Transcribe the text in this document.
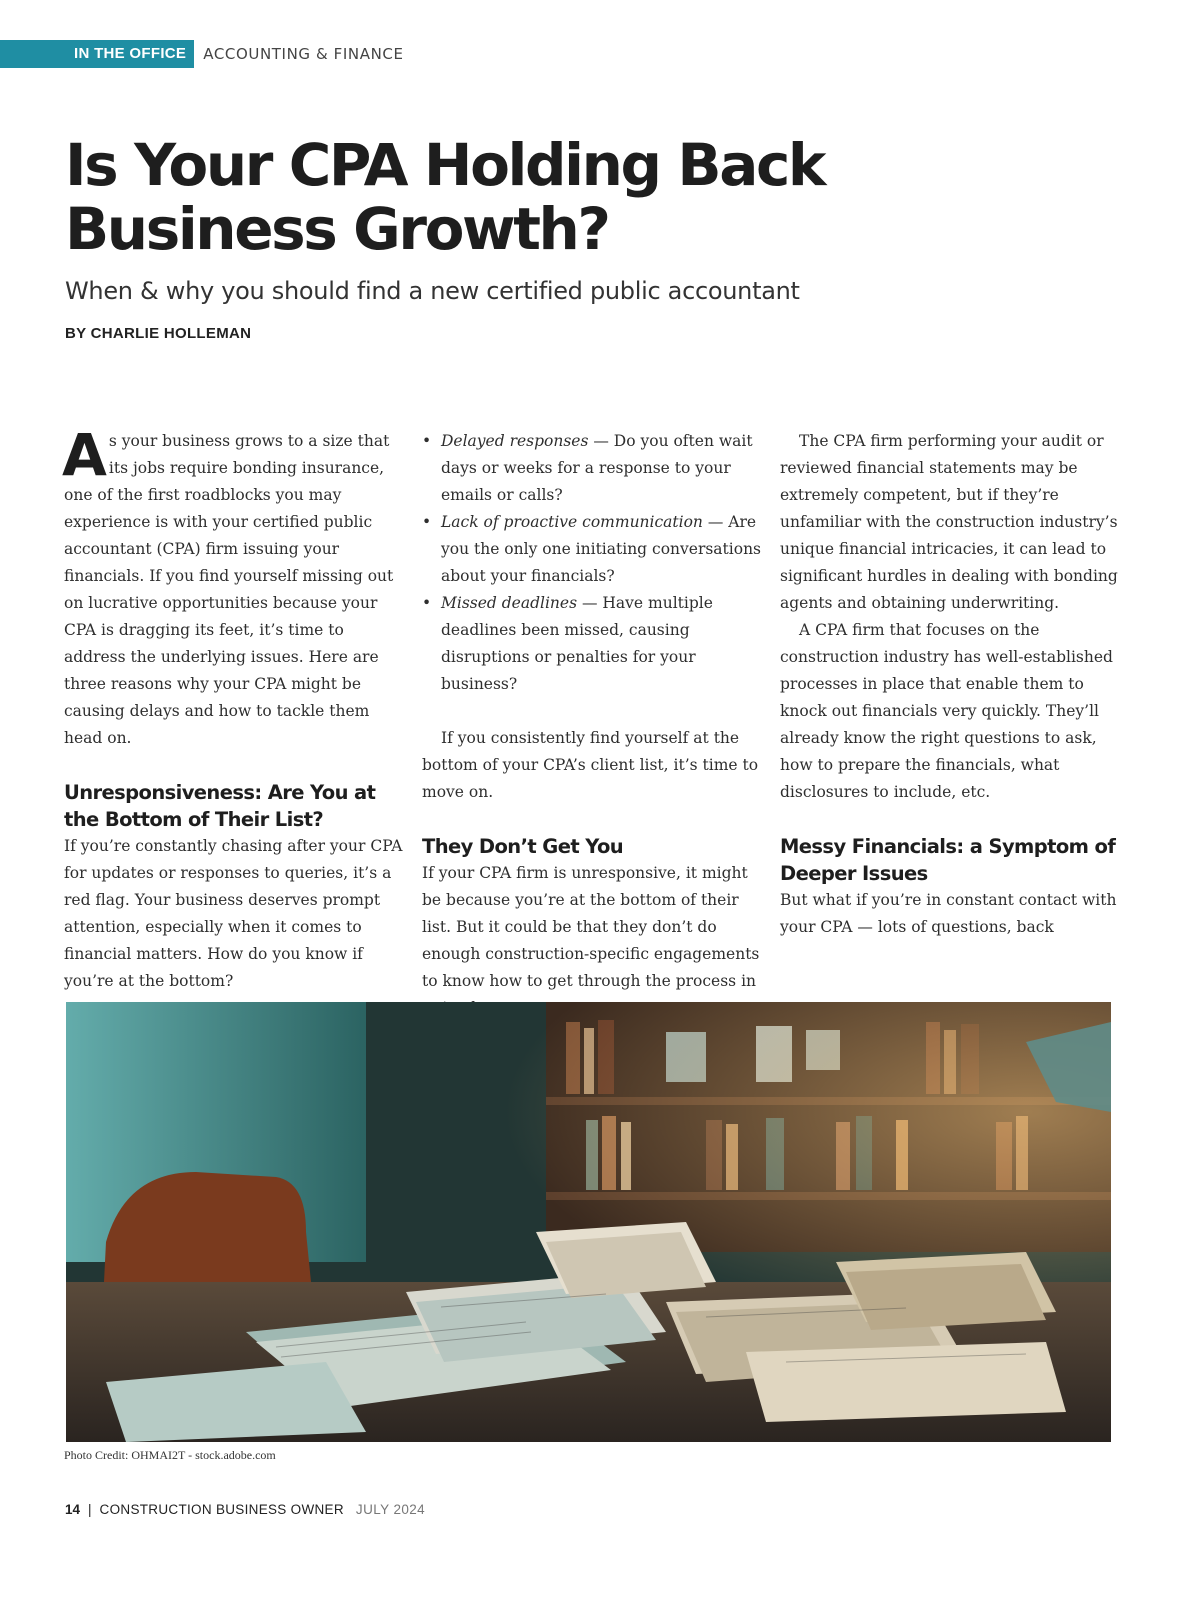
IN THE OFFICE	ACCOUNTING & FINANCE
Is Your CPA Holding Back
Business Growth?
When & why you should find a new certified public accountant
BY CHARLIE HOLLEMAN

As your business grows to a size that its jobs require bonding insurance, one of the first roadblocks you may experience is with your certified public accountant (CPA) firm issuing your financials. If you find yourself missing out on lucrative opportunities because your CPA is dragging its feet, it’s time to address the underlying issues. Here are three reasons why your CPA might be causing delays and how to tackle them head on.

Unresponsiveness: Are You at the Bottom of Their List?

If you’re constantly chasing after your CPA for updates or responses to queries, it’s a red flag. Your business deserves prompt attention, especially when it comes to financial matters. How do you know if you’re at the bottom?

• Delayed responses — Do you often wait days or weeks for a response to your emails or calls?
• Lack of proactive communication — Are you the only one initiating conversations about your financials?
• Missed deadlines — Have multiple deadlines been missed, causing disruptions or penalties for your business?

If you consistently find yourself at the bottom of your CPA’s client list, it’s time to move on.

They Don’t Get You

If your CPA firm is unresponsive, it might be because you’re at the bottom of their list. But it could be that they don’t do enough construction-specific engagements to know how to get through the process in

The CPA firm performing your audit or reviewed financial statements may be extremely competent, but if they’re unfamiliar with the construction industry’s unique financial intricacies, it can lead to significant hurdles in dealing with bonding agents and obtaining underwriting.

A CPA firm that focuses on the construction industry has well-established processes in place that enable them to knock out financials very quickly. They’ll already know the right questions to ask, how to prepare the financials, what disclosures to include, etc.

Messy Financials: a Symptom of Deeper Issues

But what if you’re in constant contact with your CPA — lots of questions, back

Photo Credit: OHMAI2T - stock.adobe.com
14 | CONSTRUCTION BUSINESS OWNER JULY 2024
